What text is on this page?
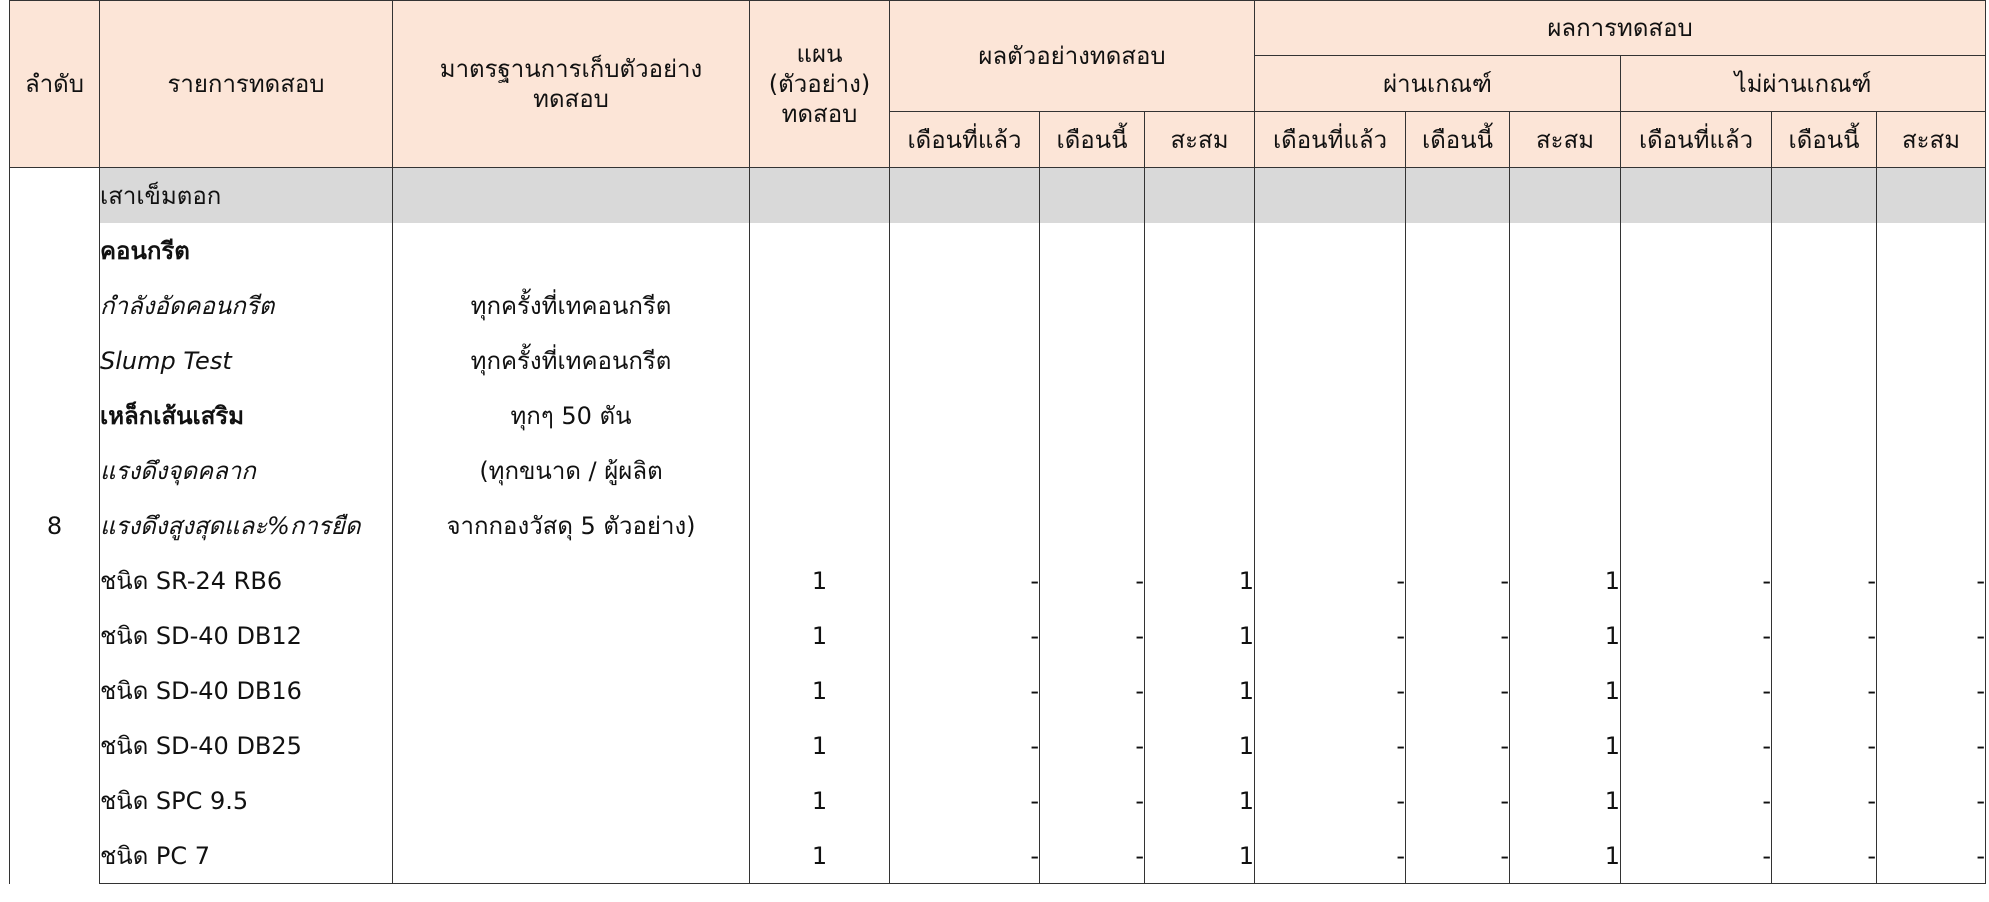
ลำดับ	รายการทดสอบ	มาตรฐานการเก็บตัวอย่างทดสอบ	แผน (ตัวอย่าง) ทดสอบ	ผลตัวอย่างทดสอบ			ผลการทดสอบ					
							ผ่านเกณฑ์			ไม่ผ่านเกณฑ์		
				เดือนที่แล้ว	เดือนนี้	สะสม	เดือนที่แล้ว	เดือนนี้	สะสม	เดือนที่แล้ว	เดือนนี้	สะสม
8	เสาเข็มตอก											
	คอนกรีต											
	กำลังอัดคอนกรีต	ทุกครั้งที่เทคอนกรีต										
	Slump Test	ทุกครั้งที่เทคอนกรีต										
	เหล็กเส้นเสริม	ทุกๆ 50 ตัน										
	แรงดึงจุดคลาก	(ทุกขนาด / ผู้ผลิต										
	แรงดึงสูงสุดและ%การยืด	จากกองวัสดุ 5 ตัวอย่าง)										
	ชนิด SR-24 RB6		1	-	-	1	-	-	1	-	-	-
	ชนิด SD-40 DB12		1	-	-	1	-	-	1	-	-	-
	ชนิด SD-40 DB16		1	-	-	1	-	-	1	-	-	-
	ชนิด SD-40 DB25		1	-	-	1	-	-	1	-	-	-
	ชนิด SPC 9.5		1	-	-	1	-	-	1	-	-	-
	ชนิด PC 7		1	-	-	1	-	-	1	-	-	-
